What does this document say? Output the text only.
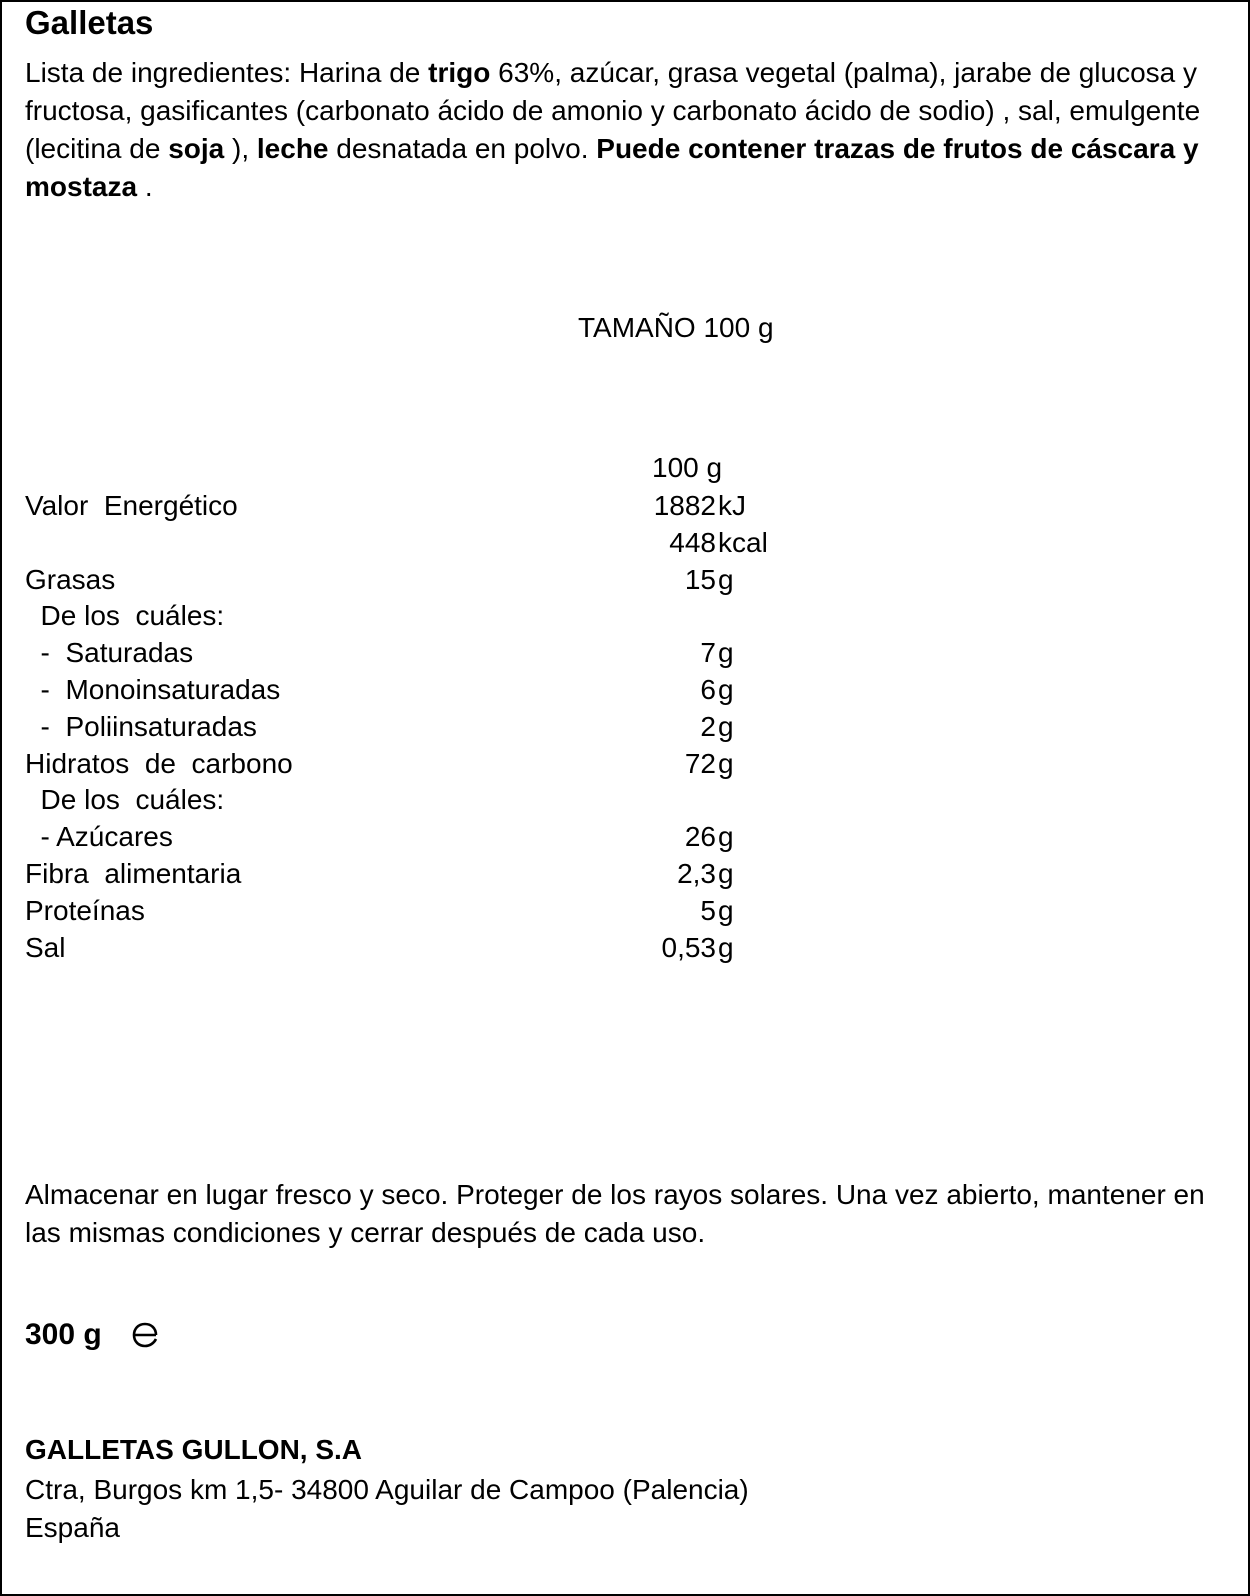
Galletas
Lista de ingredientes: Harina de trigo 63%, azúcar, grasa vegetal (palma), jarabe de glucosa y fructosa, gasificantes (carbonato ácido de amonio y carbonato ácido de sodio) , sal, emulgente (lecitina de soja ), leche desnatada en polvo. Puede contener trazas de frutos de cáscara y mostaza .
TAMAÑO 100 g
100 g
Valor  Energético	1882 kJ
448 kcal
Grasas	15 g
De los  cuáles:
-  Saturadas	7 g
-  Monoinsaturadas	6 g
-  Poliinsaturadas	2 g
Hidratos  de  carbono	72 g
De los  cuáles:
- Azúcares	26 g
Fibra  alimentaria	2,3 g
Proteínas	5 g
Sal	0,53 g
Almacenar en lugar fresco y seco. Proteger de los rayos solares. Una vez abierto, mantener en las mismas condiciones y cerrar después de cada uso.
300 g
GALLETAS GULLON, S.A
Ctra, Burgos km 1,5- 34800 Aguilar de Campoo (Palencia)
España
